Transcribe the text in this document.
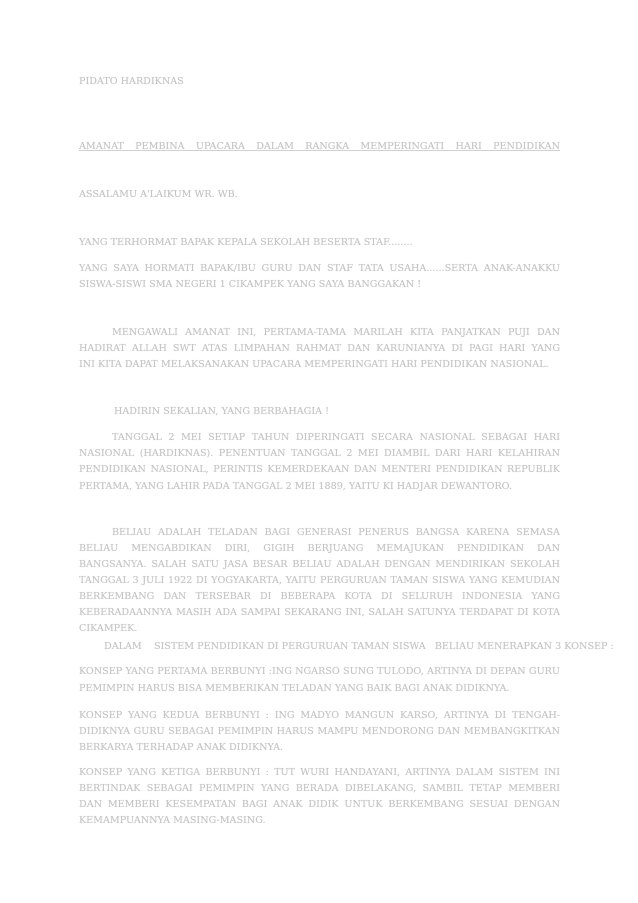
PIDATO HARDIKNAS
AMANAT PEMBINA UPACARA DALAM RANGKA MEMPERINGATI HARI PENDIDIKAN
ASSALAMU A'LAIKUM WR. WB.
YANG TERHORMAT BAPAK KEPALA SEKOLAH BESERTA STAF........
YANG SAYA HORMATI BAPAK/IBU GURU DAN STAF TATA USAHA......SERTA ANAK-ANAKKU
SISWA-SISWI SMA NEGERI 1 CIKAMPEK YANG SAYA BANGGAKAN !
MENGAWALI AMANAT INI, PERTAMA-TAMA MARILAH KITA PANJATKAN PUJI DAN
HADIRAT ALLAH SWT ATAS LIMPAHAN RAHMAT DAN KARUNIANYA DI PAGI HARI YANG
INI KITA DAPAT MELAKSANAKAN UPACARA MEMPERINGATI HARI PENDIDIKAN NASIONAL.
HADIRIN SEKALIAN, YANG BERBAHAGIA !
TANGGAL 2 MEI SETIAP TAHUN DIPERINGATI SECARA NASIONAL SEBAGAI HARI
NASIONAL (HARDIKNAS). PENENTUAN TANGGAL 2 MEI DIAMBIL DARI HARI KELAHIRAN
PENDIDIKAN NASIONAL, PERINTIS KEMERDEKAAN DAN MENTERI PENDIDIKAN REPUBLIK
PERTAMA, YANG LAHIR PADA TANGGAL 2 MEI 1889, YAITU KI HADJAR DEWANTORO.
BELIAU ADALAH TELADAN BAGI GENERASI PENERUS BANGSA KARENA SEMASA
BELIAU MENGABDIKAN DIRI, GIGIH BERJUANG MEMAJUKAN PENDIDIKAN DAN
BANGSANYA. SALAH SATU JASA BESAR BELIAU ADALAH DENGAN MENDIRIKAN SEKOLAH
TANGGAL 3 JULI 1922 DI YOGYAKARTA, YAITU PERGURUAN TAMAN SISWA YANG KEMUDIAN
BERKEMBANG DAN TERSEBAR DI BEBERAPA KOTA DI SELURUH INDONESIA YANG
KEBERADAANNYA MASIH ADA SAMPAI SEKARANG INI, SALAH SATUNYA TERDAPAT DI KOTA
CIKAMPEK.
DALAM    SISTEM PENDIDIKAN DI PERGURUAN TAMAN SISWA   BELIAU MENERAPKAN 3 KONSEP :
KONSEP YANG PERTAMA BERBUNYI :ING NGARSO SUNG TULODO, ARTINYA DI DEPAN GURU
PEMIMPIN HARUS BISA MEMBERIKAN TELADAN YANG BAIK BAGI ANAK DIDIKNYA.
KONSEP YANG KEDUA BERBUNYI : ING MADYO MANGUN KARSO, ARTINYA DI TENGAH-
DIDIKNYA GURU SEBAGAI PEMIMPIN HARUS MAMPU MENDORONG DAN MEMBANGKITKAN
BERKARYA TERHADAP ANAK DIDIKNYA.
KONSEP YANG KETIGA BERBUNYI : TUT WURI HANDAYANI, ARTINYA DALAM SISTEM INI
BERTINDAK SEBAGAI PEMIMPIN YANG BERADA DIBELAKANG, SAMBIL TETAP MEMBERI
DAN MEMBERI KESEMPATAN BAGI ANAK DIDIK UNTUK BERKEMBANG SESUAI DENGAN
KEMAMPUANNYA MASING-MASING.
